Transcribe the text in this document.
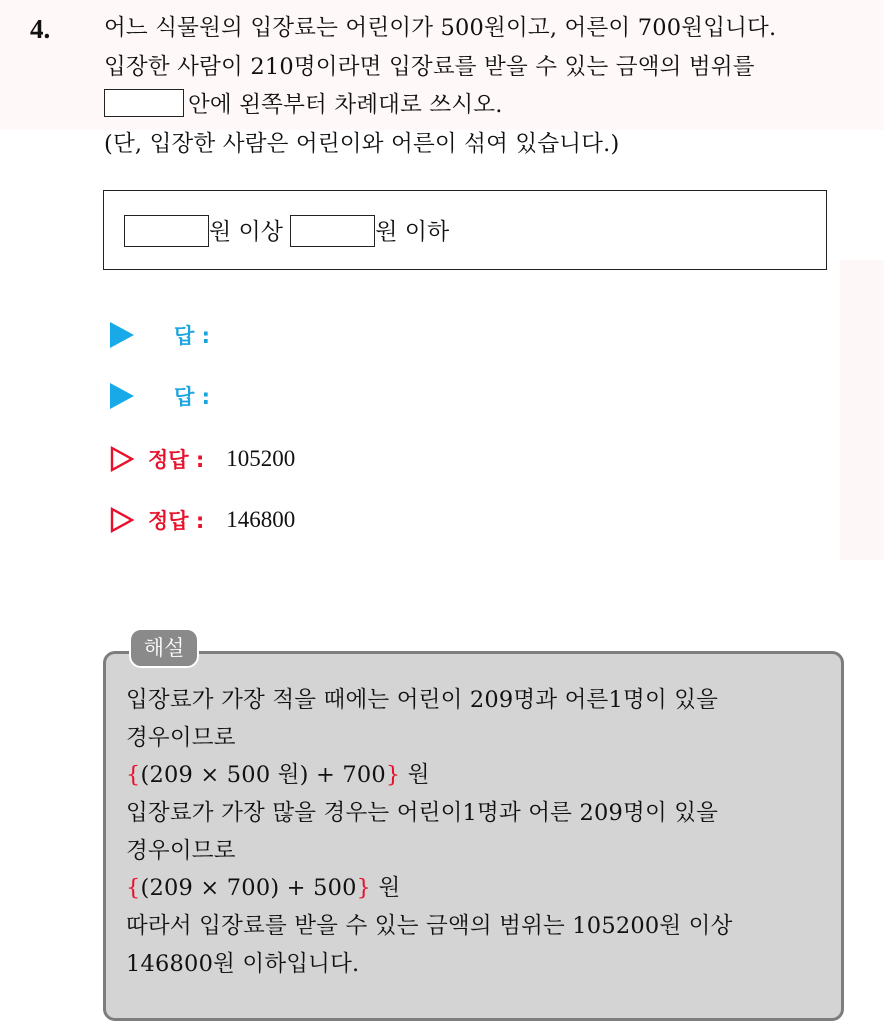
4. 어느 식물원의 입장료는 어린이가 500원이고, 어른이 700원입니다.
입장한 사람이 210명이라면 입장료를 받을 수 있는 금액의 범위를
안에 왼쪽부터 차례대로 쓰시오.
(단, 입장한 사람은 어린이와 어른이 섞여 있습니다.)
원 이상	원 이하
답 :
답 :
정답 : 105200
정답 : 146800
해설
입장료가 가장 적을 때에는 어린이 209명과 어른1명이 있을
경우이므로
{(209 × 500 원) + 700} 원
입장료가 가장 많을 경우는 어린이1명과 어른 209명이 있을
경우이므로
{(209 × 700) + 500} 원
따라서 입장료를 받을 수 있는 금액의 범위는 105200원 이상
146800원 이하입니다.
